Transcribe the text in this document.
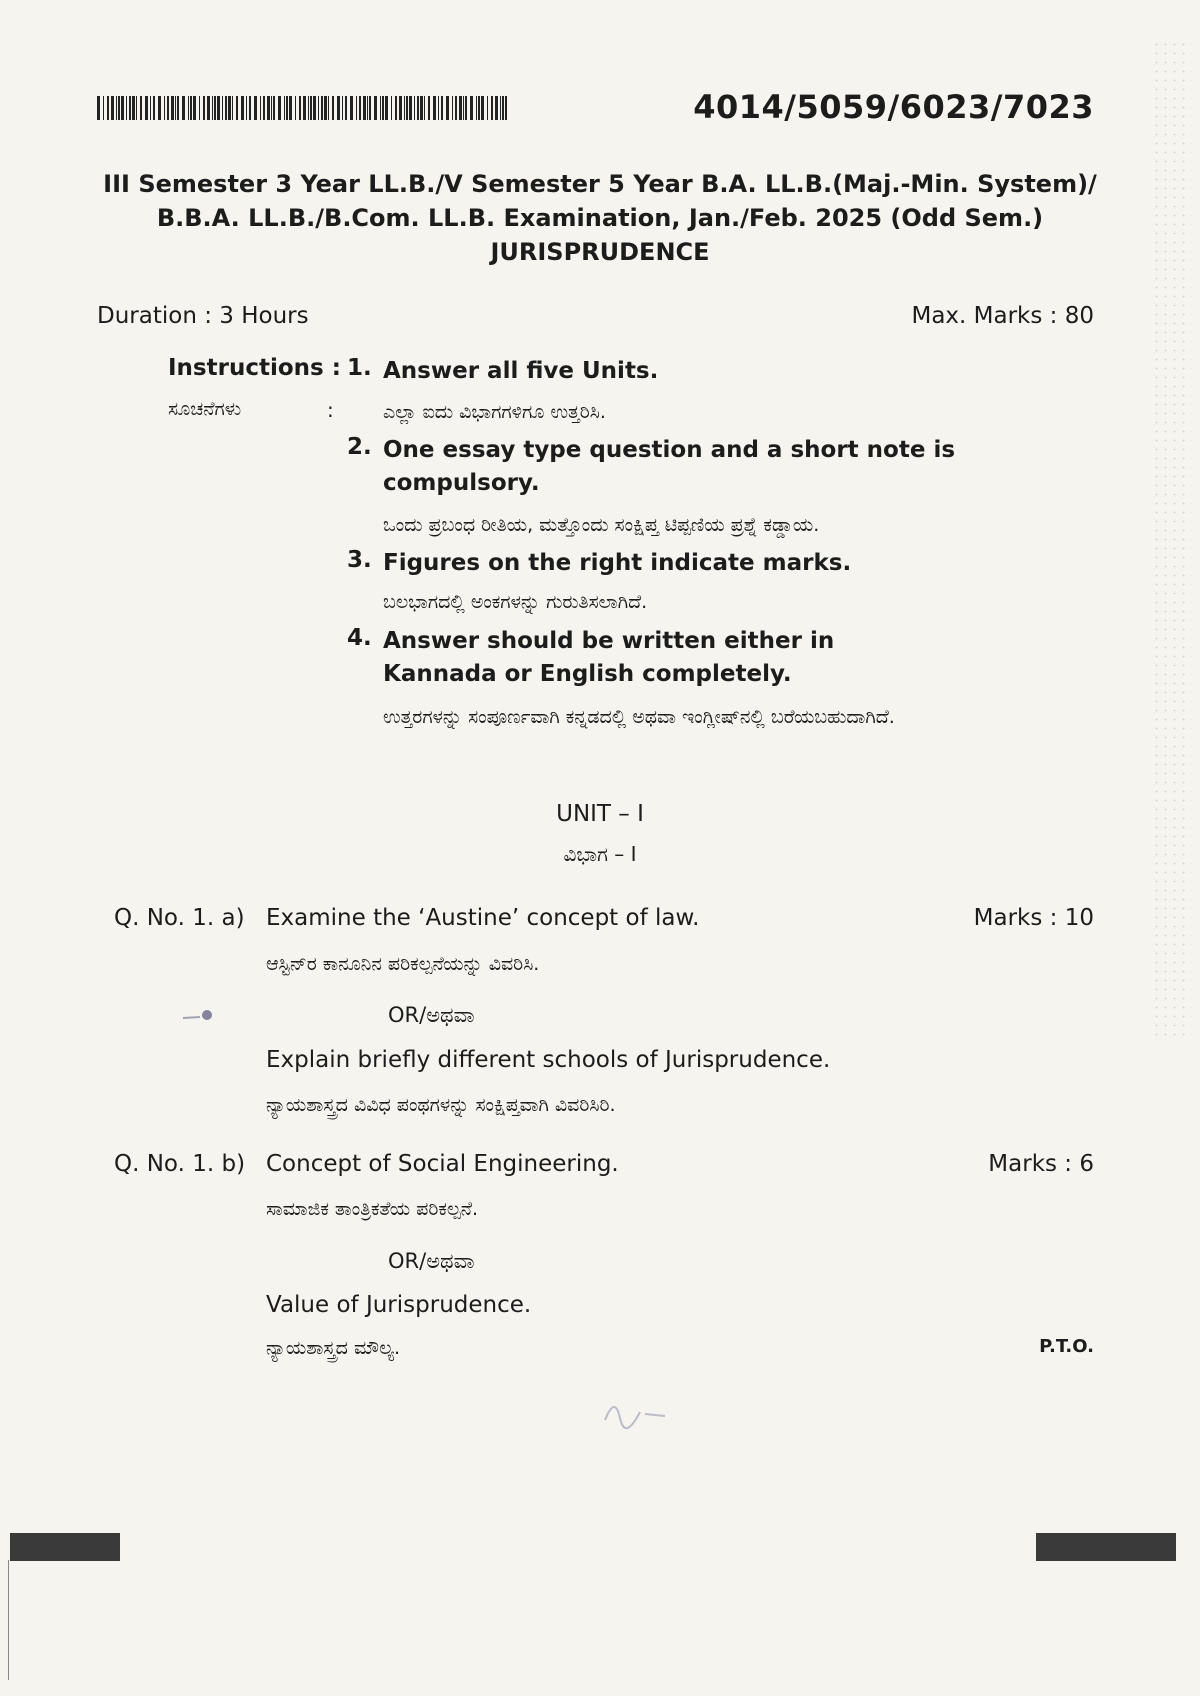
4014/5059/6023/7023
III Semester 3 Year LL.B./V Semester 5 Year B.A. LL.B.(Maj.-Min. System)/
B.B.A. LL.B./B.Com. LL.B. Examination, Jan./Feb. 2025 (Odd Sem.)
JURISPRUDENCE
Duration : 3 Hours	Max. Marks : 80
Instructions :
ಸೂಚನೆಗಳು	:
1. Answer all five Units.
ಎಲ್ಲಾ ಐದು ವಿಭಾಗಗಳಿಗೂ ಉತ್ತರಿಸಿ.
2. One essay type question and a short note is compulsory.
ಒಂದು ಪ್ರಬಂಧ ರೀತಿಯ, ಮತ್ತೊಂದು ಸಂಕ್ಷಿಪ್ತ ಟಿಪ್ಪಣಿಯ ಪ್ರಶ್ನೆ ಕಡ್ಡಾಯ.
3. Figures on the right indicate marks.
ಬಲಭಾಗದಲ್ಲಿ ಅಂಕಗಳನ್ನು ಗುರುತಿಸಲಾಗಿದೆ.
4. Answer should be written either in Kannada or English completely.
ಉತ್ತರಗಳನ್ನು ಸಂಪೂರ್ಣವಾಗಿ ಕನ್ನಡದಲ್ಲಿ ಅಥವಾ ಇಂಗ್ಲೀಷ್‌ನಲ್ಲಿ ಬರೆಯಬಹುದಾಗಿದೆ.
UNIT – I
ವಿಭಾಗ – I
Q. No. 1. a) Examine the ‘Austine’ concept of law.	Marks : 10
ಆಸ್ಟಿನ್‌ರ ಕಾನೂನಿನ ಪರಿಕಲ್ಪನೆಯನ್ನು ವಿವರಿಸಿ.
OR/ಅಥವಾ
Explain briefly different schools of Jurisprudence.
ನ್ಯಾಯಶಾಸ್ತ್ರದ ವಿವಿಧ ಪಂಥಗಳನ್ನು ಸಂಕ್ಷಿಪ್ತವಾಗಿ ವಿವರಿಸಿರಿ.
Q. No. 1. b) Concept of Social Engineering.	Marks : 6
ಸಾಮಾಜಿಕ ತಾಂತ್ರಿಕತೆಯ ಪರಿಕಲ್ಪನೆ.
OR/ಅಥವಾ
Value of Jurisprudence.
ನ್ಯಾಯಶಾಸ್ತ್ರದ ಮೌಲ್ಯ.	P.T.O.
